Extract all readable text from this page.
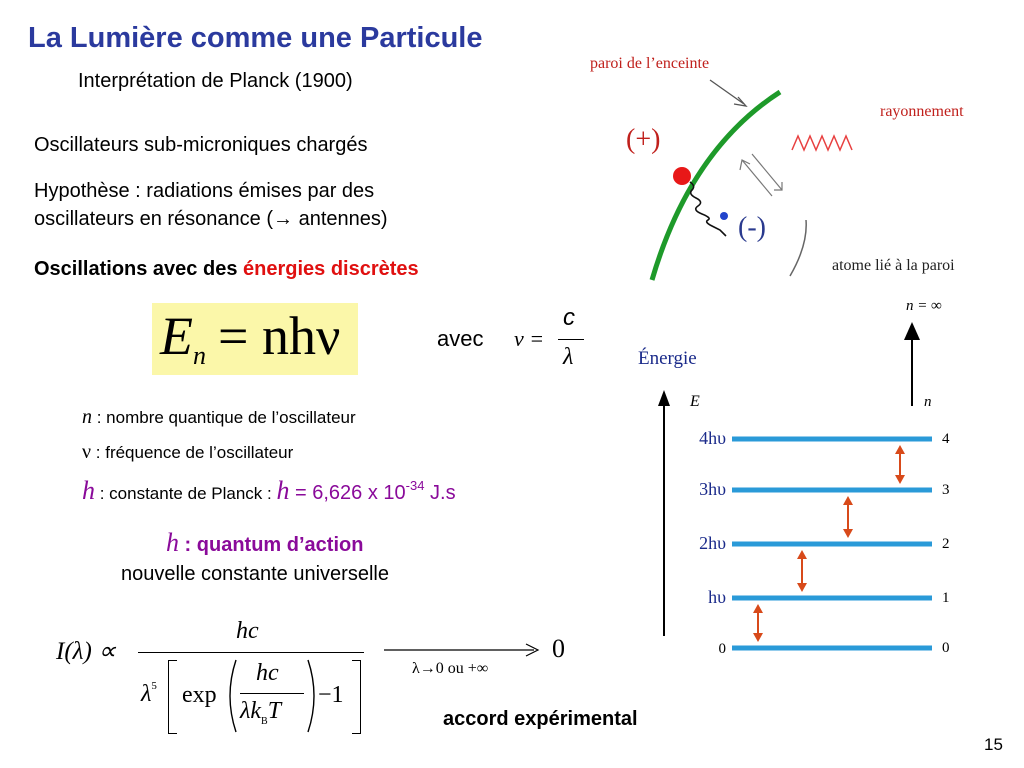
La Lumière comme une Particule
Interprétation de Planck (1900)
Oscillateurs sub-microniques chargés
Hypothèse : radiations émises par des
oscillateurs en résonance (→ antennes)
Oscillations avec des énergies discrètes
En = nhν	avec ν =
c
λ
n : nombre quantique de l’oscillateur
ν : fréquence de l’oscillateur
h : constante de Planck : h = 6,626 x $10^{-34}$ J.s
h : quantum d’action
nouvelle constante universelle
I(λ) ∝
hc
$\lambda^5$ exp
hc
$\lambda k_BT$
−1
0
λ→0 ou +∞
accord expérimental
paroi de l’enceinte
(+)
(-)
rayonnement
atome lié à la paroi
n = ∞
n
Énergie
E
0
0
1
hυ
2
2hυ
3
3hυ
4
4hυ
15
